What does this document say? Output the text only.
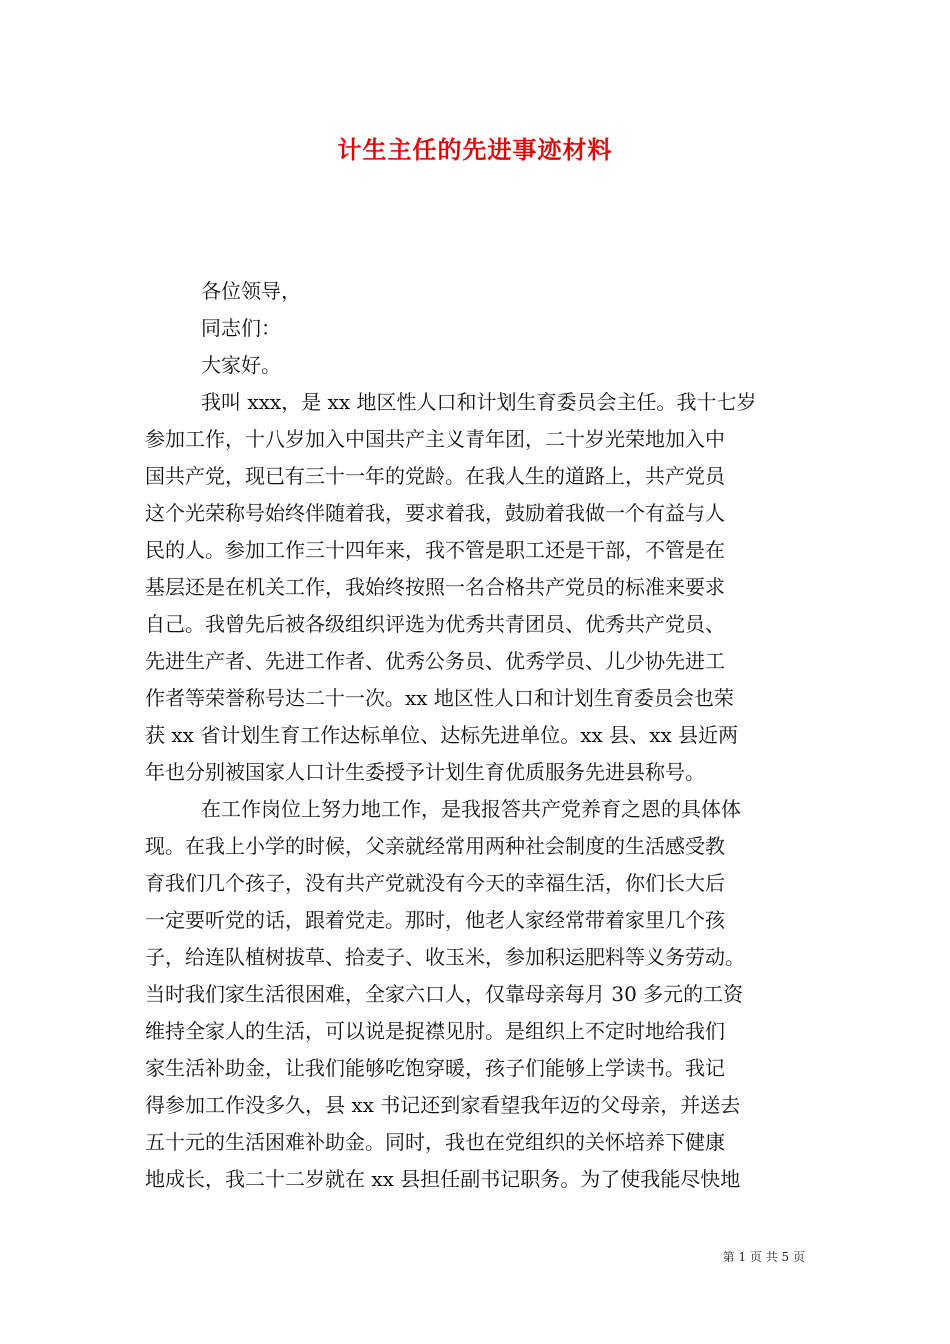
计生主任的先进事迹材料
各位领导，
同志们：
大家好。
我叫 xxx，是 xx 地区性人口和计划生育委员会主任。我十七岁
参加工作，十八岁加入中国共产主义青年团，二十岁光荣地加入中
国共产党，现已有三十一年的党龄。在我人生的道路上，共产党员
这个光荣称号始终伴随着我，要求着我，鼓励着我做一个有益与人
民的人。参加工作三十四年来，我不管是职工还是干部，不管是在
基层还是在机关工作，我始终按照一名合格共产党员的标准来要求
自己。我曾先后被各级组织评选为优秀共青团员、优秀共产党员、
先进生产者、先进工作者、优秀公务员、优秀学员、儿少协先进工
作者等荣誉称号达二十一次。xx 地区性人口和计划生育委员会也荣
获 xx 省计划生育工作达标单位、达标先进单位。xx 县、xx 县近两
年也分别被国家人口计生委授予计划生育优质服务先进县称号。
在工作岗位上努力地工作，是我报答共产党养育之恩的具体体
现。在我上小学的时候，父亲就经常用两种社会制度的生活感受教
育我们几个孩子，没有共产党就没有今天的幸福生活，你们长大后
一定要听党的话，跟着党走。那时，他老人家经常带着家里几个孩
子，给连队植树拔草、拾麦子、收玉米，参加积运肥料等义务劳动。
当时我们家生活很困难，全家六口人，仅靠母亲每月 30 多元的工资
维持全家人的生活，可以说是捉襟见肘。是组织上不定时地给我们
家生活补助金，让我们能够吃饱穿暖，孩子们能够上学读书。我记
得参加工作没多久，县 xx 书记还到家看望我年迈的父母亲，并送去
五十元的生活困难补助金。同时，我也在党组织的关怀培养下健康
地成长，我二十二岁就在 xx 县担任副书记职务。为了使我能尽快地
第 1 页 共 5 页
